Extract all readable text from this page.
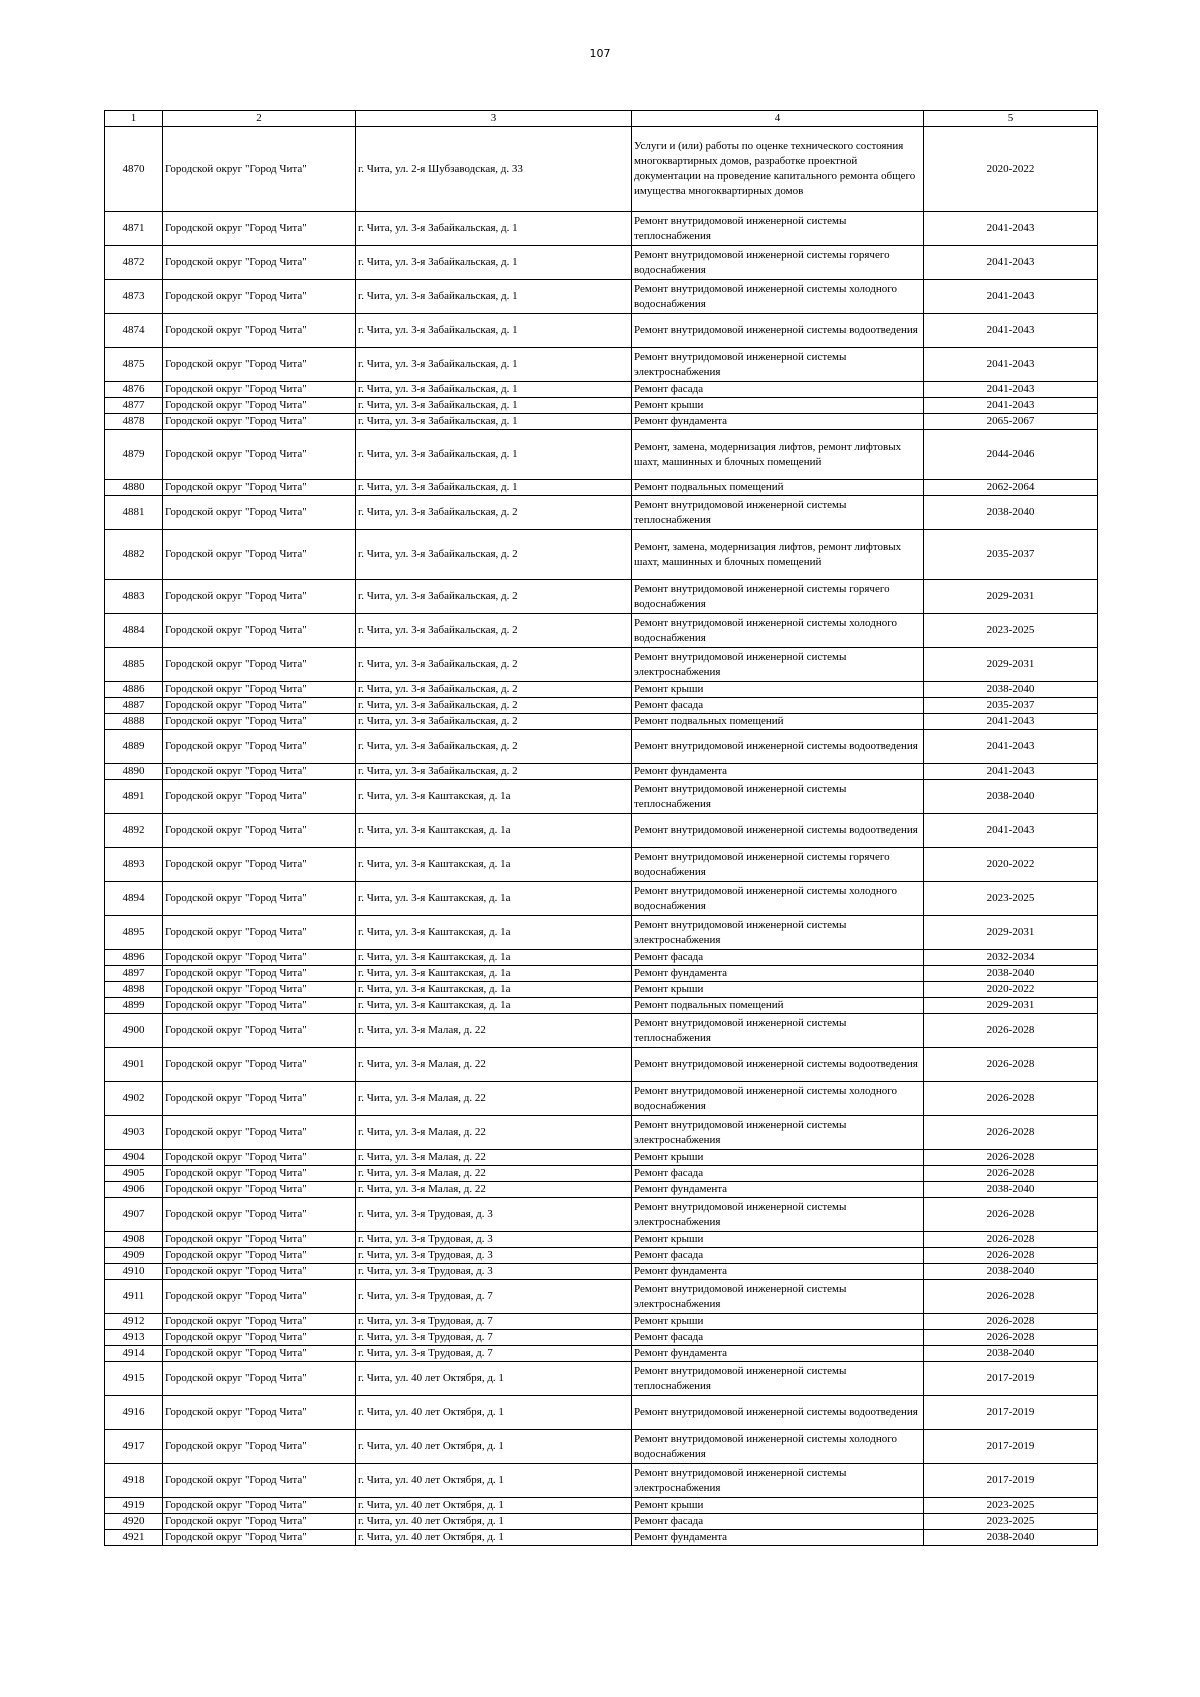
107
1	2	3	4	5
4870	Городской округ "Город Чита"	г. Чита, ул. 2-я Шубзаводская, д. 33	Услуги и (или) работы по оценке технического состояния многоквартирных домов, разработке проектной документации на проведение капитального ремонта общего имущества многоквартирных домов	2020-2022
4871	Городской округ "Город Чита"	г. Чита, ул. 3-я Забайкальская, д. 1	Ремонт внутридомовой инженерной системы теплоснабжения	2041-2043
4872	Городской округ "Город Чита"	г. Чита, ул. 3-я Забайкальская, д. 1	Ремонт внутридомовой инженерной системы горячего водоснабжения	2041-2043
4873	Городской округ "Город Чита"	г. Чита, ул. 3-я Забайкальская, д. 1	Ремонт внутридомовой инженерной системы холодного водоснабжения	2041-2043
4874	Городской округ "Город Чита"	г. Чита, ул. 3-я Забайкальская, д. 1	Ремонт внутридомовой инженерной системы водоотведения	2041-2043
4875	Городской округ "Город Чита"	г. Чита, ул. 3-я Забайкальская, д. 1	Ремонт внутридомовой инженерной системы электроснабжения	2041-2043
4876	Городской округ "Город Чита"	г. Чита, ул. 3-я Забайкальская, д. 1	Ремонт фасада	2041-2043
4877	Городской округ "Город Чита"	г. Чита, ул. 3-я Забайкальская, д. 1	Ремонт крыши	2041-2043
4878	Городской округ "Город Чита"	г. Чита, ул. 3-я Забайкальская, д. 1	Ремонт фундамента	2065-2067
4879	Городской округ "Город Чита"	г. Чита, ул. 3-я Забайкальская, д. 1	Ремонт, замена, модернизация лифтов, ремонт лифтовых шахт, машинных и блочных помещений	2044-2046
4880	Городской округ "Город Чита"	г. Чита, ул. 3-я Забайкальская, д. 1	Ремонт подвальных помещений	2062-2064
4881	Городской округ "Город Чита"	г. Чита, ул. 3-я Забайкальская, д. 2	Ремонт внутридомовой инженерной системы теплоснабжения	2038-2040
4882	Городской округ "Город Чита"	г. Чита, ул. 3-я Забайкальская, д. 2	Ремонт, замена, модернизация лифтов, ремонт лифтовых шахт, машинных и блочных помещений	2035-2037
4883	Городской округ "Город Чита"	г. Чита, ул. 3-я Забайкальская, д. 2	Ремонт внутридомовой инженерной системы горячего водоснабжения	2029-2031
4884	Городской округ "Город Чита"	г. Чита, ул. 3-я Забайкальская, д. 2	Ремонт внутридомовой инженерной системы холодного водоснабжения	2023-2025
4885	Городской округ "Город Чита"	г. Чита, ул. 3-я Забайкальская, д. 2	Ремонт внутридомовой инженерной системы электроснабжения	2029-2031
4886	Городской округ "Город Чита"	г. Чита, ул. 3-я Забайкальская, д. 2	Ремонт крыши	2038-2040
4887	Городской округ "Город Чита"	г. Чита, ул. 3-я Забайкальская, д. 2	Ремонт фасада	2035-2037
4888	Городской округ "Город Чита"	г. Чита, ул. 3-я Забайкальская, д. 2	Ремонт подвальных помещений	2041-2043
4889	Городской округ "Город Чита"	г. Чита, ул. 3-я Забайкальская, д. 2	Ремонт внутридомовой инженерной системы водоотведения	2041-2043
4890	Городской округ "Город Чита"	г. Чита, ул. 3-я Забайкальская, д. 2	Ремонт фундамента	2041-2043
4891	Городской округ "Город Чита"	г. Чита, ул. 3-я Каштакская, д. 1а	Ремонт внутридомовой инженерной системы теплоснабжения	2038-2040
4892	Городской округ "Город Чита"	г. Чита, ул. 3-я Каштакская, д. 1а	Ремонт внутридомовой инженерной системы водоотведения	2041-2043
4893	Городской округ "Город Чита"	г. Чита, ул. 3-я Каштакская, д. 1а	Ремонт внутридомовой инженерной системы горячего водоснабжения	2020-2022
4894	Городской округ "Город Чита"	г. Чита, ул. 3-я Каштакская, д. 1а	Ремонт внутридомовой инженерной системы холодного водоснабжения	2023-2025
4895	Городской округ "Город Чита"	г. Чита, ул. 3-я Каштакская, д. 1а	Ремонт внутридомовой инженерной системы электроснабжения	2029-2031
4896	Городской округ "Город Чита"	г. Чита, ул. 3-я Каштакская, д. 1а	Ремонт фасада	2032-2034
4897	Городской округ "Город Чита"	г. Чита, ул. 3-я Каштакская, д. 1а	Ремонт фундамента	2038-2040
4898	Городской округ "Город Чита"	г. Чита, ул. 3-я Каштакская, д. 1а	Ремонт крыши	2020-2022
4899	Городской округ "Город Чита"	г. Чита, ул. 3-я Каштакская, д. 1а	Ремонт подвальных помещений	2029-2031
4900	Городской округ "Город Чита"	г. Чита, ул. 3-я Малая, д. 22	Ремонт внутридомовой инженерной системы теплоснабжения	2026-2028
4901	Городской округ "Город Чита"	г. Чита, ул. 3-я Малая, д. 22	Ремонт внутридомовой инженерной системы водоотведения	2026-2028
4902	Городской округ "Город Чита"	г. Чита, ул. 3-я Малая, д. 22	Ремонт внутридомовой инженерной системы холодного водоснабжения	2026-2028
4903	Городской округ "Город Чита"	г. Чита, ул. 3-я Малая, д. 22	Ремонт внутридомовой инженерной системы электроснабжения	2026-2028
4904	Городской округ "Город Чита"	г. Чита, ул. 3-я Малая, д. 22	Ремонт крыши	2026-2028
4905	Городской округ "Город Чита"	г. Чита, ул. 3-я Малая, д. 22	Ремонт фасада	2026-2028
4906	Городской округ "Город Чита"	г. Чита, ул. 3-я Малая, д. 22	Ремонт фундамента	2038-2040
4907	Городской округ "Город Чита"	г. Чита, ул. 3-я Трудовая, д. 3	Ремонт внутридомовой инженерной системы электроснабжения	2026-2028
4908	Городской округ "Город Чита"	г. Чита, ул. 3-я Трудовая, д. 3	Ремонт крыши	2026-2028
4909	Городской округ "Город Чита"	г. Чита, ул. 3-я Трудовая, д. 3	Ремонт фасада	2026-2028
4910	Городской округ "Город Чита"	г. Чита, ул. 3-я Трудовая, д. 3	Ремонт фундамента	2038-2040
4911	Городской округ "Город Чита"	г. Чита, ул. 3-я Трудовая, д. 7	Ремонт внутридомовой инженерной системы электроснабжения	2026-2028
4912	Городской округ "Город Чита"	г. Чита, ул. 3-я Трудовая, д. 7	Ремонт крыши	2026-2028
4913	Городской округ "Город Чита"	г. Чита, ул. 3-я Трудовая, д. 7	Ремонт фасада	2026-2028
4914	Городской округ "Город Чита"	г. Чита, ул. 3-я Трудовая, д. 7	Ремонт фундамента	2038-2040
4915	Городской округ "Город Чита"	г. Чита, ул. 40 лет Октября, д. 1	Ремонт внутридомовой инженерной системы теплоснабжения	2017-2019
4916	Городской округ "Город Чита"	г. Чита, ул. 40 лет Октября, д. 1	Ремонт внутридомовой инженерной системы водоотведения	2017-2019
4917	Городской округ "Город Чита"	г. Чита, ул. 40 лет Октября, д. 1	Ремонт внутридомовой инженерной системы холодного водоснабжения	2017-2019
4918	Городской округ "Город Чита"	г. Чита, ул. 40 лет Октября, д. 1	Ремонт внутридомовой инженерной системы электроснабжения	2017-2019
4919	Городской округ "Город Чита"	г. Чита, ул. 40 лет Октября, д. 1	Ремонт крыши	2023-2025
4920	Городской округ "Город Чита"	г. Чита, ул. 40 лет Октября, д. 1	Ремонт фасада	2023-2025
4921	Городской округ "Город Чита"	г. Чита, ул. 40 лет Октября, д. 1	Ремонт фундамента	2038-2040
